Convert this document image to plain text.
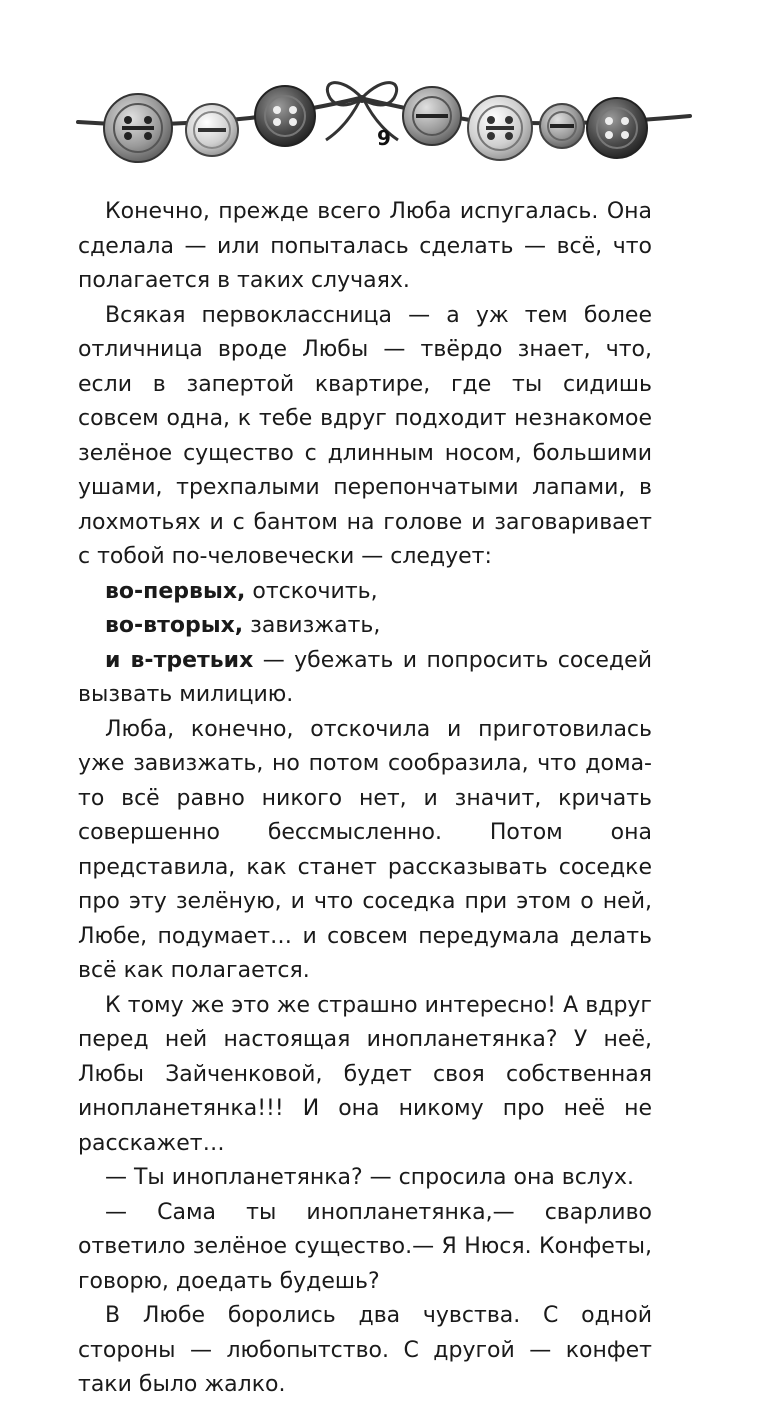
9

Конечно, прежде всего Люба испугалась. Она сделала — или попыталась сделать — всё, что полагается в таких случаях.

Всякая первоклассница — а уж тем более отличница вроде Любы — твёрдо знает, что, если в запертой квартире, где ты сидишь совсем одна, к тебе вдруг подходит незнакомое зелёное существо с длинным носом, большими ушами, трехпалыми перепончатыми лапами, в лохмотьях и с бантом на голове и заговаривает с тобой по-человечески — следует:

во-первых, отскочить,

во-вторых, завизжать,

и в-третьих — убежать и попросить соседей вызвать милицию.

Люба, конечно, отскочила и приготовилась уже завизжать, но потом сообразила, что дома-то всё равно никого нет, и значит, кричать совершенно бессмысленно. Потом она представила, как станет рассказывать соседке про эту зелёную, и что соседка при этом о ней, Любе, подумает… и совсем передумала делать всё как полагается.

К тому же это же страшно интересно! А вдруг перед ней настоящая инопланетянка? У неё, Любы Зайченковой, будет своя собственная инопланетянка!!! И она никому про неё не расскажет…

— Ты инопланетянка? — спросила она вслух.

— Сама ты инопланетянка,— сварливо ответило зелёное существо.— Я Нюся. Конфеты, говорю, доедать будешь?

В Любе боролись два чувства. С одной стороны — любопытство. С другой — конфет таки было жалко.
